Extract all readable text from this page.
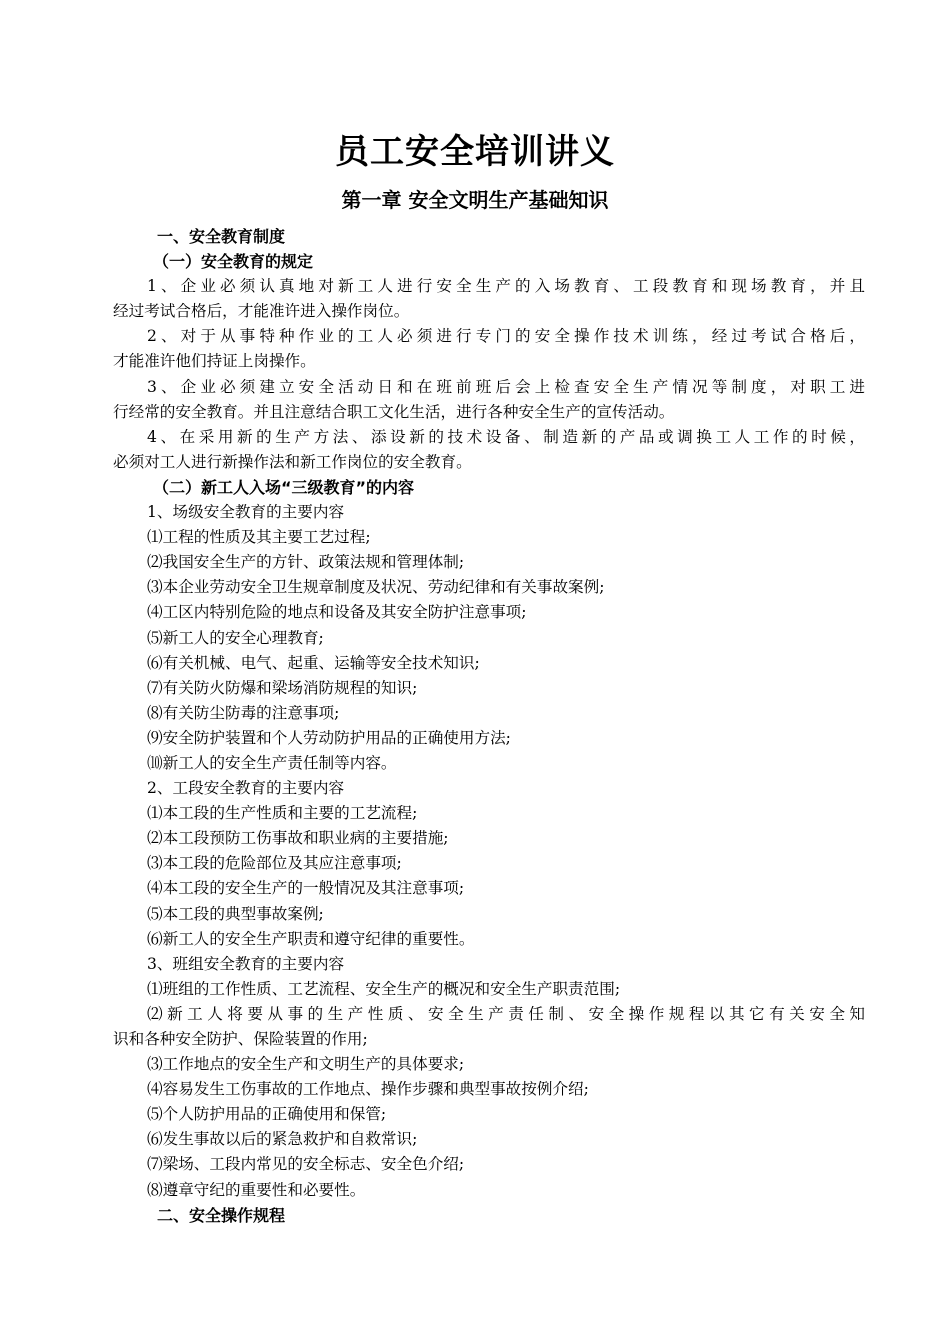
员工安全培训讲义
第一章 安全文明生产基础知识

一、安全教育制度

（一）安全教育的规定

1、企业必须认真地对新工人进行安全生产的入场教育、工段教育和现场教育，并且

经过考试合格后，才能准许进入操作岗位。

2、对于从事特种作业的工人必须进行专门的安全操作技术训练，经过考试合格后，

才能准许他们持证上岗操作。

3、企业必须建立安全活动日和在班前班后会上检查安全生产情况等制度，对职工进

行经常的安全教育。并且注意结合职工文化生活，进行各种安全生产的宣传活动。

4、在采用新的生产方法、添设新的技术设备、制造新的产品或调换工人工作的时候，

必须对工人进行新操作法和新工作岗位的安全教育。

（二）新工人入场“三级教育”的内容

1、场级安全教育的主要内容

⑴工程的性质及其主要工艺过程;

⑵我国安全生产的方针、政策法规和管理体制;

⑶本企业劳动安全卫生规章制度及状况、劳动纪律和有关事故案例;

⑷工区内特别危险的地点和设备及其安全防护注意事项;

⑸新工人的安全心理教育;

⑹有关机械、电气、起重、运输等安全技术知识;

⑺有关防火防爆和梁场消防规程的知识;

⑻有关防尘防毒的注意事项;

⑼安全防护装置和个人劳动防护用品的正确使用方法;

⑽新工人的安全生产责任制等内容。

2、工段安全教育的主要内容

⑴本工段的生产性质和主要的工艺流程;

⑵本工段预防工伤事故和职业病的主要措施;

⑶本工段的危险部位及其应注意事项;

⑷本工段的安全生产的一般情况及其注意事项;

⑸本工段的典型事故案例;

⑹新工人的安全生产职责和遵守纪律的重要性。

3、班组安全教育的主要内容

⑴班组的工作性质、工艺流程、安全生产的概况和安全生产职责范围;

⑵新工人将要从事的生产性质、安全生产责任制、安全操作规程以其它有关安全知

识和各种安全防护、保险装置的作用;

⑶工作地点的安全生产和文明生产的具体要求;

⑷容易发生工伤事故的工作地点、操作步骤和典型事故按例介绍;

⑸个人防护用品的正确使用和保管;

⑹发生事故以后的紧急救护和自救常识;

⑺梁场、工段内常见的安全标志、安全色介绍;

⑻遵章守纪的重要性和必要性。

二、安全操作规程
